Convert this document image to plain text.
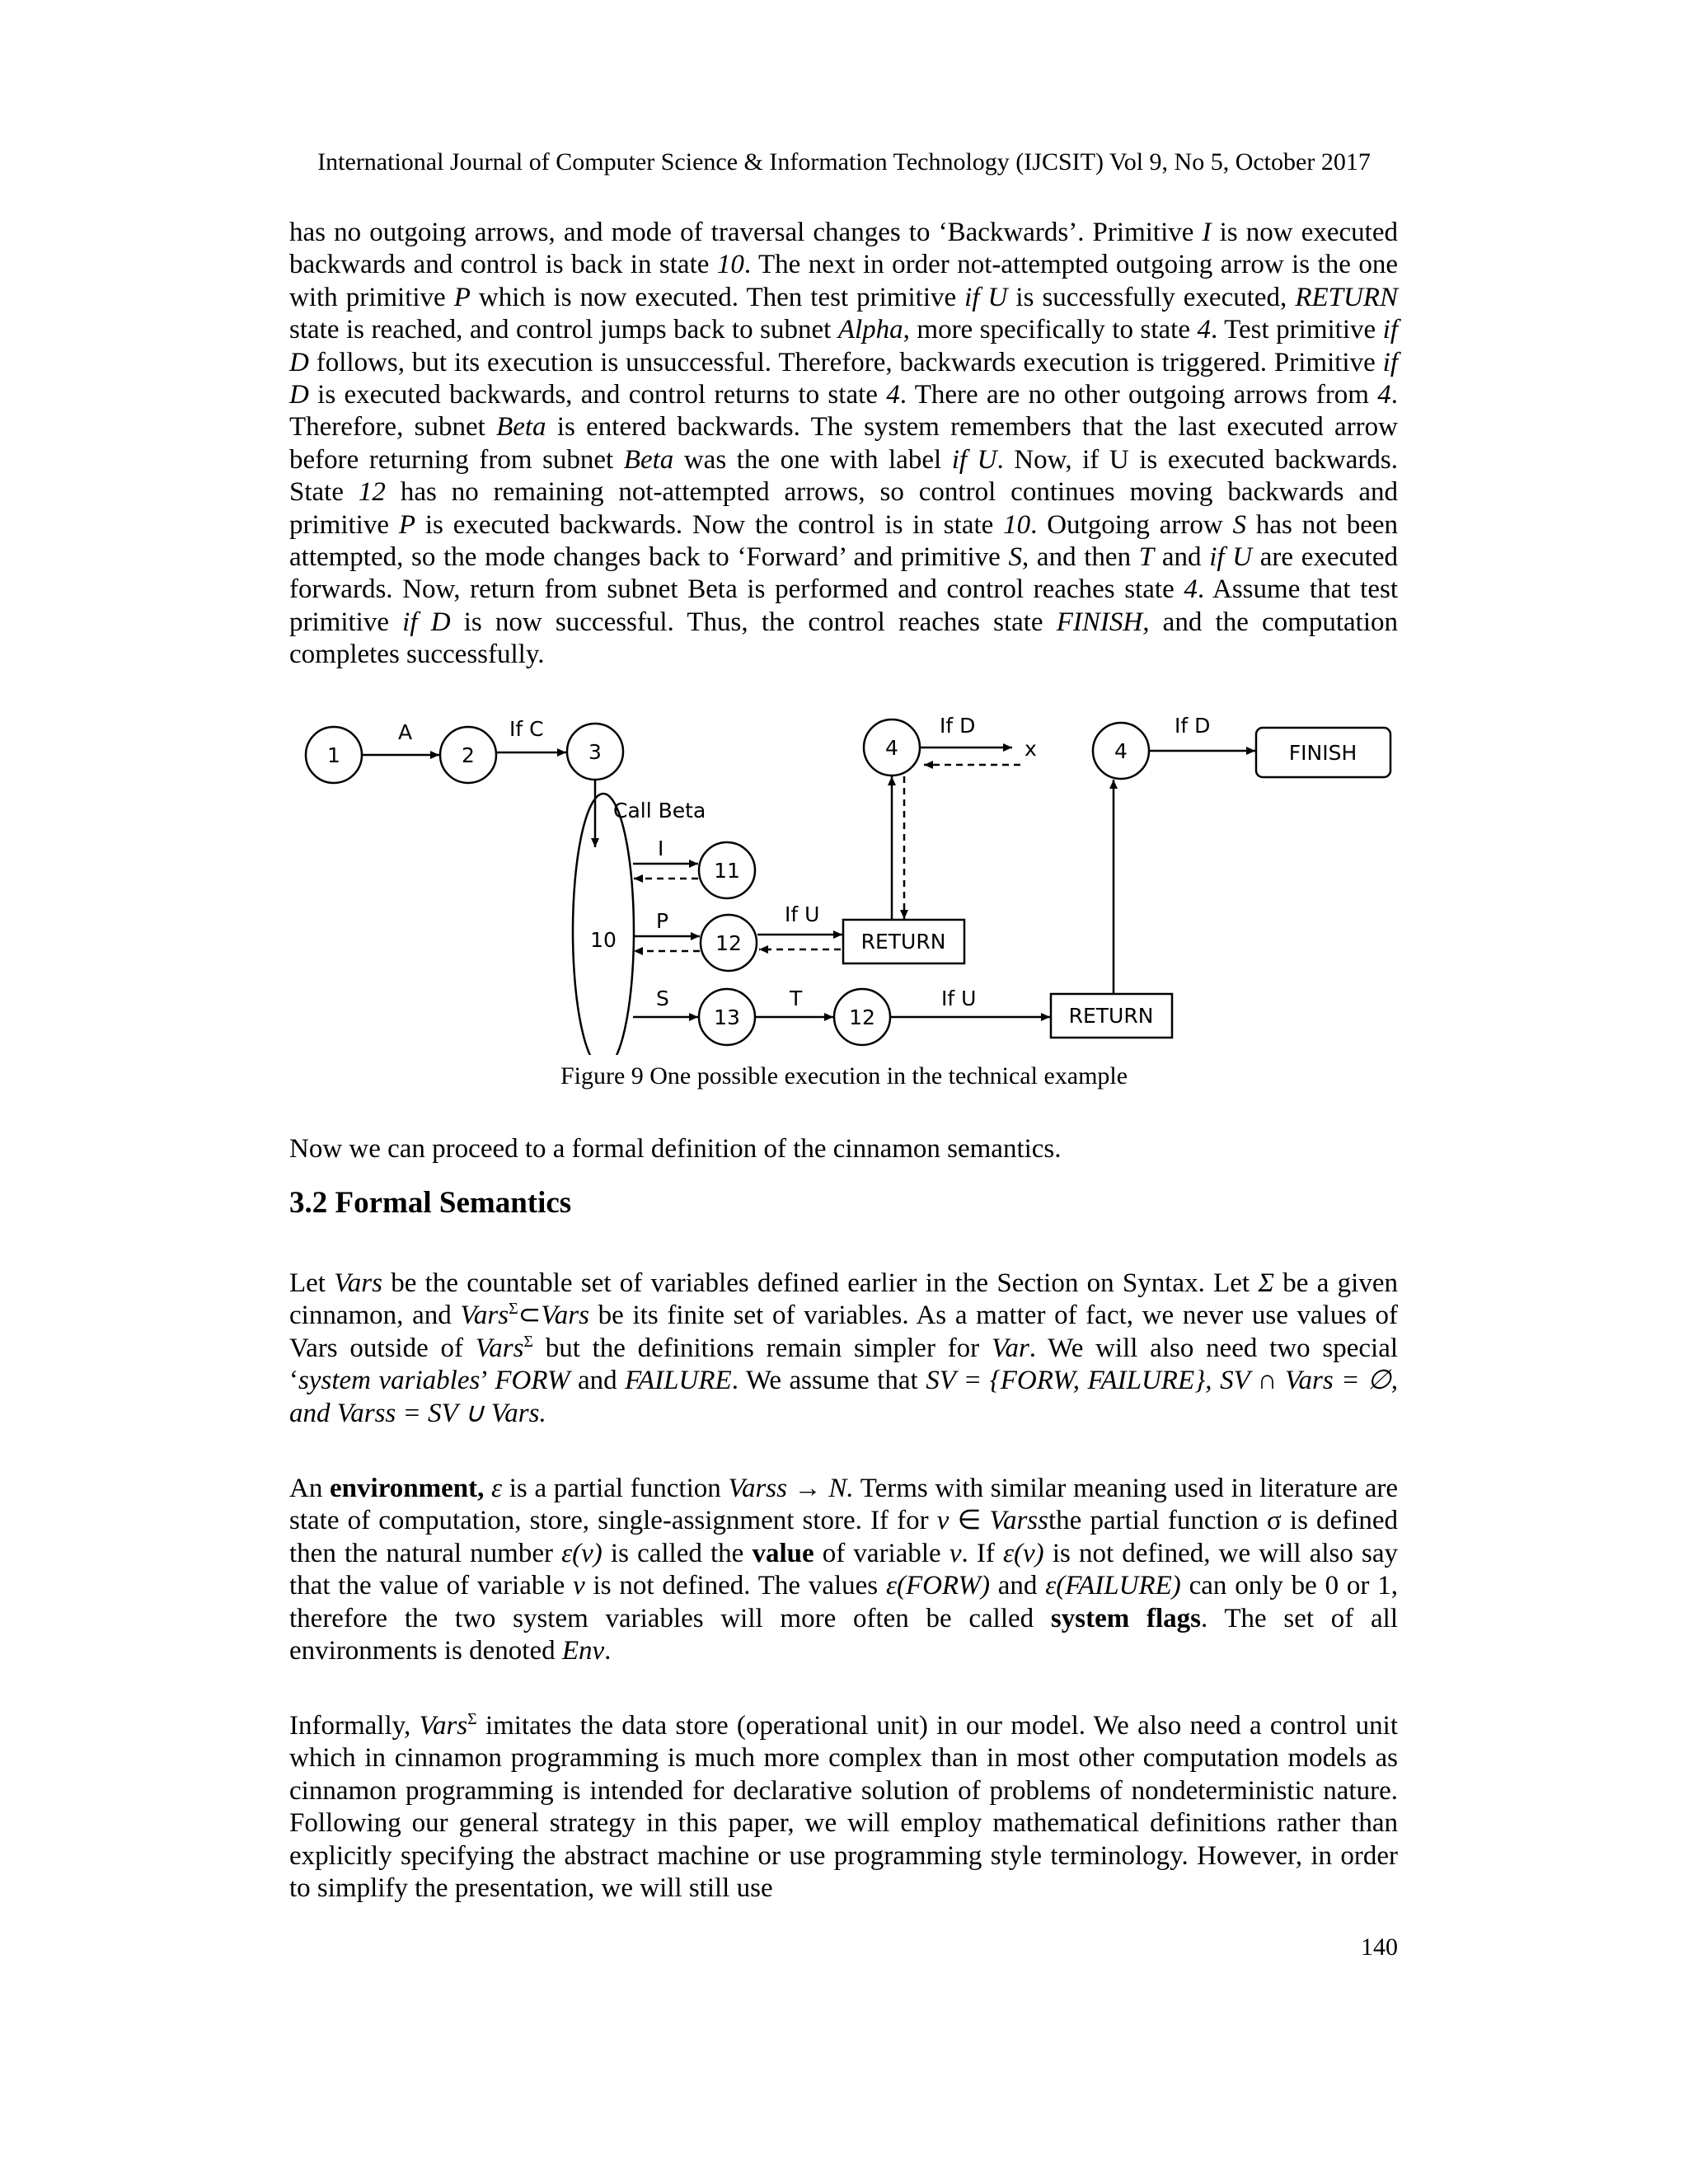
International Journal of Computer Science & Information Technology (IJCSIT) Vol 9, No 5, October 2017

has no outgoing arrows, and mode of traversal changes to ‘Backwards’. Primitive I is now executed backwards and control is back in state 10. The next in order not-attempted outgoing arrow is the one with primitive P which is now executed. Then test primitive if U is successfully executed, RETURN state is reached, and control jumps back to subnet Alpha, more specifically to state 4. Test primitive if D follows, but its execution is unsuccessful. Therefore, backwards execution is triggered. Primitive if D is executed backwards, and control returns to state 4. There are no other outgoing arrows from 4. Therefore, subnet Beta is entered backwards. The system remembers that the last executed arrow before returning from subnet Beta was the one with label if U. Now, if U is executed backwards. State 12 has no remaining not-attempted arrows, so control continues moving backwards and primitive P is executed backwards. Now the control is in state 10. Outgoing arrow S has not been attempted, so the mode changes back to ‘Forward’ and primitive S, and then T and if U are executed forwards. Now, return from subnet Beta is performed and control reaches state 4. Assume that test primitive if D is now successful. Thus, the control reaches state FINISH, and the computation completes successfully.

1	2	3	4	4
11
10	12
13	12
FINISH
RETURN
RETURN
A	If C	If D
x
If D
Call Beta
I
P	If U
S	T	If U
Figure 9 One possible execution in the technical example

Now we can proceed to a formal definition of the cinnamon semantics.

3.2 Formal Semantics

Let Vars be the countable set of variables defined earlier in the Section on Syntax. Let Σ be a given cinnamon, and Vars$^\Sigma$⊂Vars be its finite set of variables. As a matter of fact, we never use values of Vars outside of Vars$^\Sigma$ but the definitions remain simpler for Var. We will also need two special ‘system variables’ FORW and FAILURE. We assume that SV = {FORW, FAILURE}, SV ∩ Vars = ∅, and Varss = SV ∪ Vars.

An environment, ε is a partial function Varss → N. Terms with similar meaning used in literature are state of computation, store, single-assignment store. If for v ∈ Varssthe partial function σ is defined then the natural number ε(v) is called the value of variable v. If ε(v) is not defined, we will also say that the value of variable v is not defined. The values ε(FORW) and ε(FAILURE) can only be 0 or 1, therefore the two system variables will more often be called system flags. The set of all environments is denoted Env.

Informally, Vars$^\Sigma$ imitates the data store (operational unit) in our model. We also need a control unit which in cinnamon programming is much more complex than in most other computation models as cinnamon programming is intended for declarative solution of problems of nondeterministic nature. Following our general strategy in this paper, we will employ mathematical definitions rather than explicitly specifying the abstract machine or use programming style terminology. However, in order to simplify the presentation, we will still use

140
